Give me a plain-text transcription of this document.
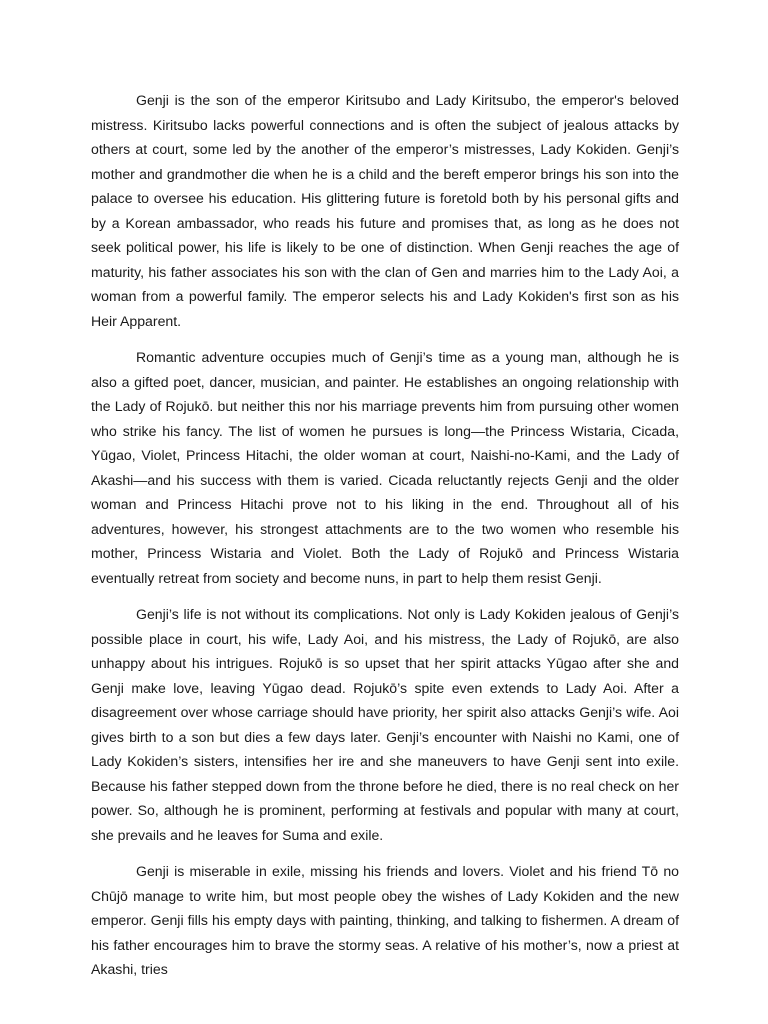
Genji is the son of the emperor Kiritsubo and Lady Kiritsubo, the emperor's beloved mistress. Kiritsubo lacks powerful connections and is often the subject of jealous attacks by others at court, some led by the another of the emperor’s mistresses, Lady Kokiden. Genji’s mother and grandmother die when he is a child and the bereft emperor brings his son into the palace to oversee his education. His glittering future is foretold both by his personal gifts and by a Korean ambassador, who reads his future and promises that, as long as he does not seek political power, his life is likely to be one of distinction. When Genji reaches the age of maturity, his father associates his son with the clan of Gen and marries him to the Lady Aoi, a woman from a powerful family. The emperor selects his and Lady Kokiden's first son as his Heir Apparent.

Romantic adventure occupies much of Genji’s time as a young man, although he is also a gifted poet, dancer, musician, and painter. He establishes an ongoing relationship with the Lady of Rojukō. but neither this nor his marriage prevents him from pursuing other women who strike his fancy. The list of women he pursues is long—the Princess Wistaria, Cicada, Yūgao, Violet, Princess Hitachi, the older woman at court, Naishi-no-Kami, and the Lady of Akashi—and his success with them is varied. Cicada reluctantly rejects Genji and the older woman and Princess Hitachi prove not to his liking in the end. Throughout all of his adventures, however, his strongest attachments are to the two women who resemble his mother, Princess Wistaria and Violet. Both the Lady of Rojukō and Princess Wistaria eventually retreat from society and become nuns, in part to help them resist Genji.

Genji’s life is not without its complications. Not only is Lady Kokiden jealous of Genji’s possible place in court, his wife, Lady Aoi, and his mistress, the Lady of Rojukō, are also unhappy about his intrigues. Rojukō is so upset that her spirit attacks Yūgao after she and Genji make love, leaving Yūgao dead. Rojukō’s spite even extends to Lady Aoi. After a disagreement over whose carriage should have priority, her spirit also attacks Genji’s wife. Aoi gives birth to a son but dies a few days later. Genji’s encounter with Naishi no Kami, one of Lady Kokiden’s sisters, intensifies her ire and she maneuvers to have Genji sent into exile. Because his father stepped down from the throne before he died, there is no real check on her power. So, although he is prominent, performing at festivals and popular with many at court, she prevails and he leaves for Suma and exile.

Genji is miserable in exile, missing his friends and lovers. Violet and his friend Tō no Chūjō manage to write him, but most people obey the wishes of Lady Kokiden and the new emperor. Genji fills his empty days with painting, thinking, and talking to fishermen. A dream of his father encourages him to brave the stormy seas. A relative of his mother’s, now a priest at Akashi, tries
